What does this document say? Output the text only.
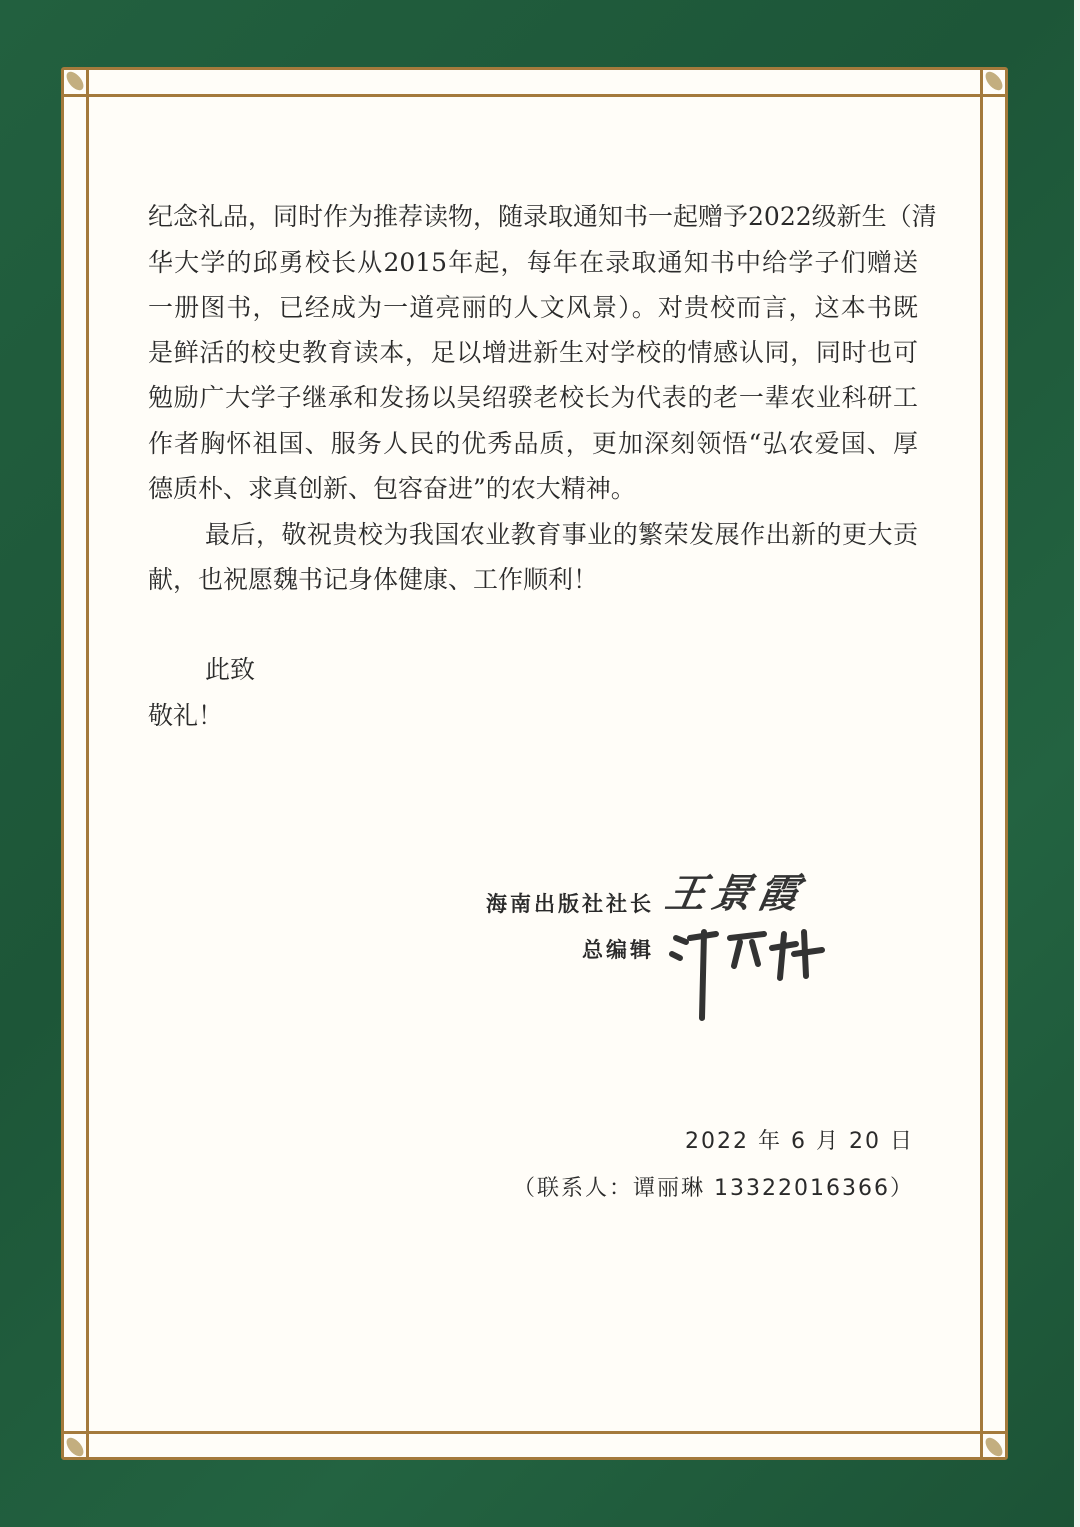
纪念礼品，同时作为推荐读物，随录取通知书一起赠予2022级新生（清
华大学的邱勇校长从2015年起，每年在录取通知书中给学子们赠送
一册图书，已经成为一道亮丽的人文风景）。对贵校而言，这本书既
是鲜活的校史教育读本，足以增进新生对学校的情感认同，同时也可
勉励广大学子继承和发扬以吴绍骙老校长为代表的老一辈农业科研工
作者胸怀祖国、服务人民的优秀品质，更加深刻领悟“弘农爱国、厚
德质朴、求真创新、包容奋进”的农大精神。
最后，敬祝贵校为我国农业教育事业的繁荣发展作出新的更大贡
献，也祝愿魏书记身体健康、工作顺利！
此致
敬礼！
海南出版社社长
总编辑
王景霞
2022 年 6 月 20 日
（联系人：谭丽琳 13322016366）
